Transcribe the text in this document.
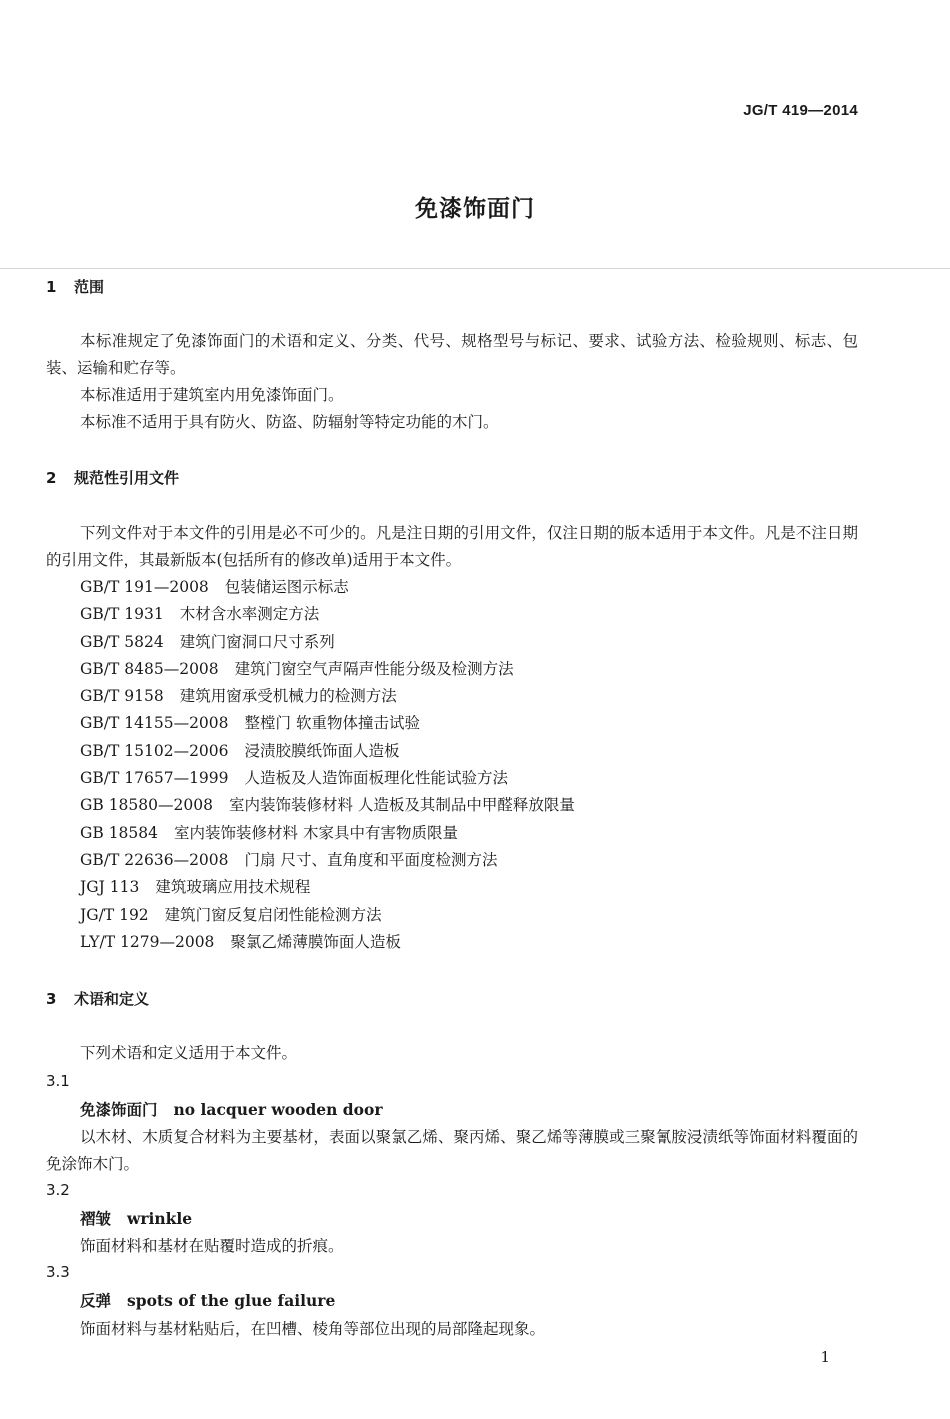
JG/T 419—2014
免漆饰面门
1 范围
本标准规定了免漆饰面门的术语和定义、分类、代号、规格型号与标记、要求、试验方法、检验规则、标志、包装、运输和贮存等。
本标准适用于建筑室内用免漆饰面门。
本标准不适用于具有防火、防盗、防辐射等特定功能的木门。
2 规范性引用文件
下列文件对于本文件的引用是必不可少的。凡是注日期的引用文件，仅注日期的版本适用于本文件。凡是不注日期的引用文件，其最新版本(包括所有的修改单)适用于本文件。
GB/T 191—2008 包装储运图示标志
GB/T 1931 木材含水率测定方法
GB/T 5824 建筑门窗洞口尺寸系列
GB/T 8485—2008 建筑门窗空气声隔声性能分级及检测方法
GB/T 9158 建筑用窗承受机械力的检测方法
GB/T 14155—2008 整樘门 软重物体撞击试验
GB/T 15102—2006 浸渍胶膜纸饰面人造板
GB/T 17657—1999 人造板及人造饰面板理化性能试验方法
GB 18580—2008 室内装饰装修材料 人造板及其制品中甲醛释放限量
GB 18584 室内装饰装修材料 木家具中有害物质限量
GB/T 22636—2008 门扇 尺寸、直角度和平面度检测方法
JGJ 113 建筑玻璃应用技术规程
JG/T 192 建筑门窗反复启闭性能检测方法
LY/T 1279—2008 聚氯乙烯薄膜饰面人造板
3 术语和定义
下列术语和定义适用于本文件。
3.1
免漆饰面门 no lacquer wooden door
以木材、木质复合材料为主要基材，表面以聚氯乙烯、聚丙烯、聚乙烯等薄膜或三聚氰胺浸渍纸等饰面材料覆面的免涂饰木门。
3.2
褶皱 wrinkle
饰面材料和基材在贴覆时造成的折痕。
3.3
反弹 spots of the glue failure
饰面材料与基材粘贴后，在凹槽、棱角等部位出现的局部隆起现象。
1
